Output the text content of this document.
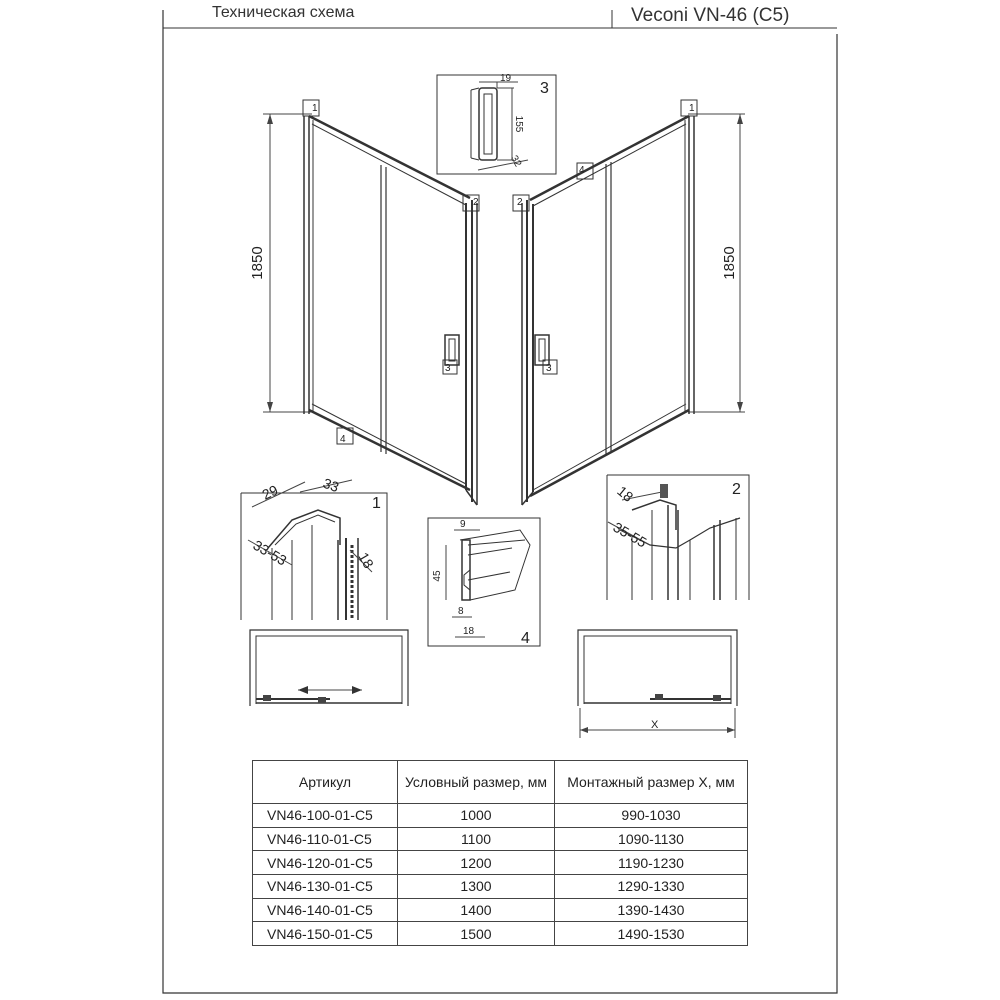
Техническая схема	Veconi VN-46 (C5)
1850
1
2
3
4
1850
1
2
3
4
3
19
155
32
1
29	33
33-53	18
2
18
35-55
4
9
45
8
18
X
Артикул	Условный размер, мм	Монтажный размер X, мм
VN46-100-01-C5	1000	990-1030
VN46-110-01-C5	1100	1090-1130
VN46-120-01-C5	1200	1190-1230
VN46-130-01-C5	1300	1290-1330
VN46-140-01-C5	1400	1390-1430
VN46-150-01-C5	1500	1490-1530
